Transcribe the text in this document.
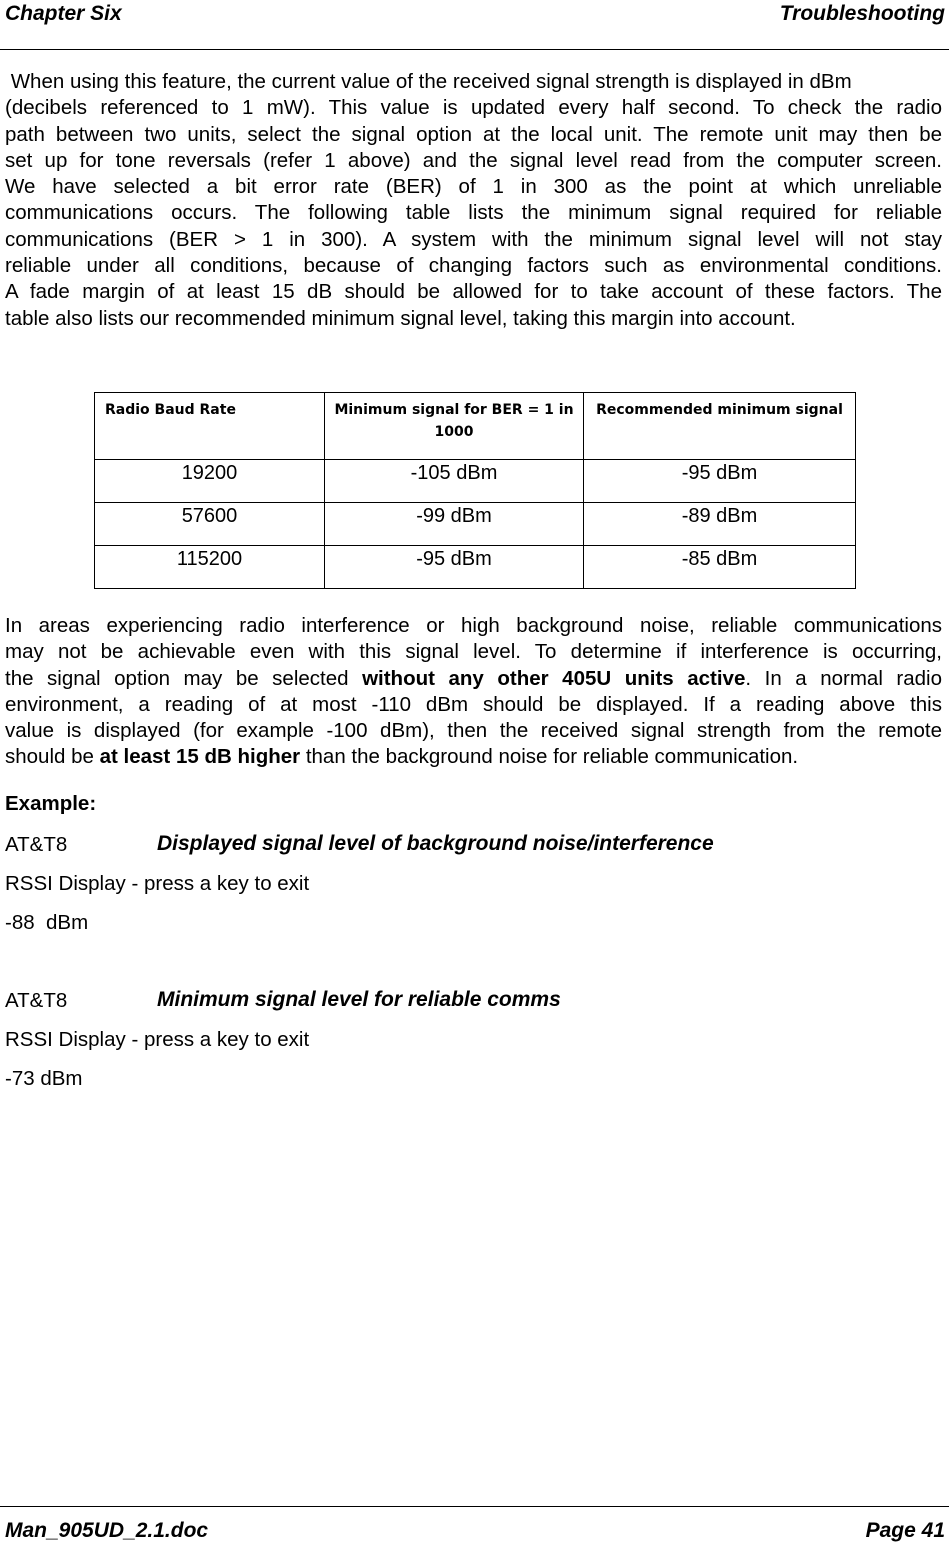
Chapter Six	Troubleshooting
When using this feature, the current value of the received signal strength is displayed in dBm
(decibels referenced to 1 mW). This value is updated every half second. To check the radio
path between two units, select the signal option at the local unit. The remote unit may then be
set up for tone reversals (refer 1 above) and the signal level read from the computer screen.
We have selected a bit error rate (BER) of 1 in 300 as the point at which unreliable
communications occurs. The following table lists the minimum signal required for reliable
communications (BER > 1 in 300). A system with the minimum signal level will not stay
reliable under all conditions, because of changing factors such as environmental conditions.
A fade margin of at least 15 dB should be allowed for to take account of these factors. The
table also lists our recommended minimum signal level, taking this margin into account.
Radio Baud Rate	Minimum signal for BER = 1 in 1000	Recommended minimum signal
19200	-105 dBm	-95 dBm
57600	-99 dBm	-89 dBm
115200	-95 dBm	-85 dBm
In areas experiencing radio interference or high background noise, reliable communications
may not be achievable even with this signal level. To determine if interference is occurring,
the signal option may be selected without any other 405U units active. In a normal radio
environment, a reading of at most -110 dBm should be displayed. If a reading above this
value is displayed (for example -100 dBm), then the received signal strength from the remote
should be at least 15 dB higher than the background noise for reliable communication.
Example:
AT&T8	Displayed signal level of background noise/interference
RSSI Display - press a key to exit
-88  dBm
AT&T8	Minimum signal level for reliable comms
RSSI Display - press a key to exit
-73 dBm
Man_905UD_2.1.doc	Page 41
